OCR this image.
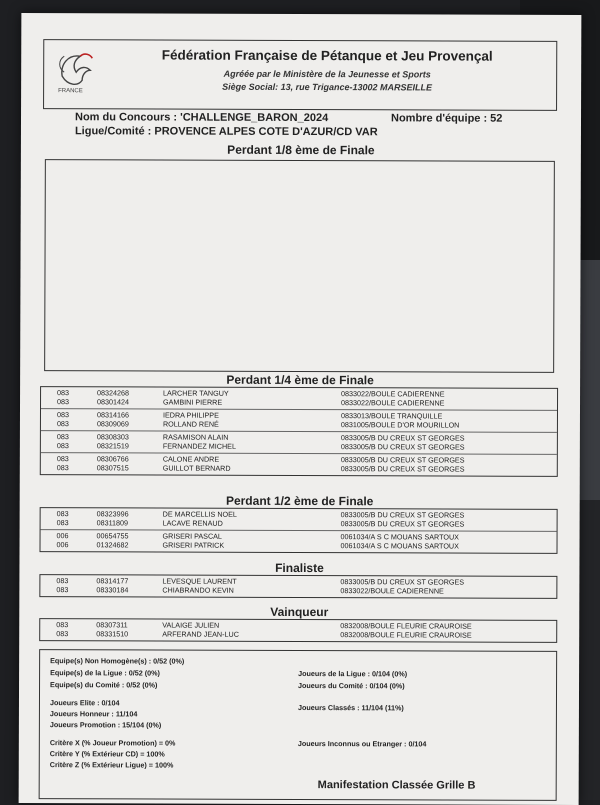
FRANCE
Fédération Française de Pétanque et Jeu Provençal
Agréée par le Ministère de la Jeunesse et Sports
Siège Social: 13, rue Trigance-13002 MARSEILLE
Nom du Concours : 'CHALLENGE_BARON_2024	Nombre d'équipe : 52
Ligue/Comité : PROVENCE ALPES COTE D'AZUR/CD VAR
Perdant 1/8 ème de Finale
Perdant 1/4 ème de Finale
083	08324268	LARCHER TANGUY	0833022/BOULE CADIERENNE
083	08301424	GAMBINI PIERRE	0833022/BOULE CADIERENNE
083	08314166	IEDRA PHILIPPE	0833013/BOULE TRANQUILLE
083	08309069	ROLLAND RENÉ	0831005/BOULE D'OR MOURILLON
083	08308303	RASAMISON ALAIN	0833005/B DU CREUX ST GEORGES
083	08321519	FERNANDEZ MICHEL	0833005/B DU CREUX ST GEORGES
083	08306766	CALONE ANDRE	0833005/B DU CREUX ST GEORGES
083	08307515	GUILLOT BERNARD	0833005/B DU CREUX ST GEORGES
Perdant 1/2 ème de Finale
083	08323996	DE MARCELLIS NOEL	0833005/B DU CREUX ST GEORGES
083	08311809	LACAVE RENAUD	0833005/B DU CREUX ST GEORGES
006	00654755	GRISERI PASCAL	0061034/A S C MOUANS SARTOUX
006	01324682	GRISERI PATRICK	0061034/A S C MOUANS SARTOUX
Finaliste
083	08314177	LEVESQUE LAURENT	0833005/B DU CREUX ST GEORGES
083	08330184	CHIABRANDO KEVIN	0833022/BOULE CADIERENNE
Vainqueur
083	08307311	VALAIGE JULIEN	0832008/BOULE FLEURIE CRAUROISE
083	08331510	ARFERAND JEAN-LUC	0832008/BOULE FLEURIE CRAUROISE
Equipe(s) Non Homogène(s) : 0/52 (0%)
Equipe(s) de la Ligue : 0/52 (0%)
Equipe(s) du Comité : 0/52 (0%)
Joueurs de la Ligue : 0/104 (0%)
Joueurs du Comité : 0/104 (0%)
Joueurs Elite : 0/104
Joueurs Honneur : 11/104
Joueurs Promotion : 15/104 (0%)
Joueurs Classés : 11/104 (11%)
Critère X (% Joueur Promotion) = 0%
Critère Y (% Extérieur CD) = 100%
Critère Z (% Extérieur Ligue) = 100%
Joueurs Inconnus ou Etranger : 0/104
Manifestation Classée Grille B
